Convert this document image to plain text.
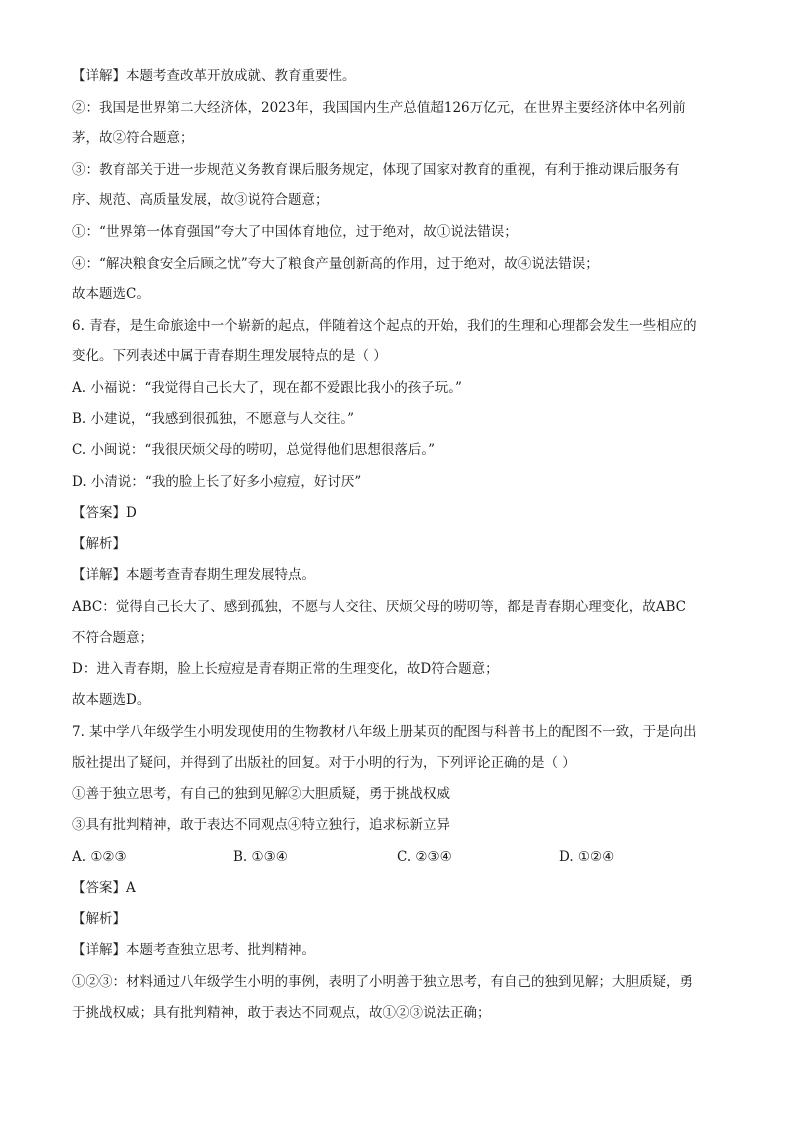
【详解】本题考查改革开放成就、教育重要性。
②：我国是世界第二大经济体，2023年，我国国内生产总值超126万亿元，在世界主要经济体中名列前
茅，故②符合题意；
③：教育部关于进一步规范义务教育课后服务规定，体现了国家对教育的重视，有利于推动课后服务有
序、规范、高质量发展，故③说符合题意；
①：“世界第一体育强国”夸大了中国体育地位，过于绝对，故①说法错误；
④：“解决粮食安全后顾之忧”夸大了粮食产量创新高的作用，过于绝对，故④说法错误；
故本题选C。
6. 青春，是生命旅途中一个崭新的起点，伴随着这个起点的开始，我们的生理和心理都会发生一些相应的
变化。下列表述中属于青春期生理发展特点的是（ ）
A. 小福说：“我觉得自己长大了，现在都不爱跟比我小的孩子玩。”
B. 小建说，“我感到很孤独，不愿意与人交往。”
C. 小闽说：“我很厌烦父母的唠叨，总觉得他们思想很落后。”
D. 小清说：“我的脸上长了好多小痘痘，好讨厌”
【答案】D
【解析】
【详解】本题考查青春期生理发展特点。
ABC：觉得自己长大了、感到孤独，不愿与人交往、厌烦父母的唠叨等，都是青春期心理变化，故ABC
不符合题意；
D：进入青春期，脸上长痘痘是青春期正常的生理变化，故D符合题意；
故本题选D。
7. 某中学八年级学生小明发现使用的生物教材八年级上册某页的配图与科普书上的配图不一致，于是向出
版社提出了疑问，并得到了出版社的回复。对于小明的行为，下列评论正确的是（ ）
①善于独立思考，有自己的独到见解②大胆质疑，勇于挑战权威
③具有批判精神，敢于表达不同观点④特立独行，追求标新立异
A. ①②③	B. ①③④	C. ②③④	D. ①②④
【答案】A
【解析】
【详解】本题考查独立思考、批判精神。
①②③：材料通过八年级学生小明的事例，表明了小明善于独立思考，有自己的独到见解；大胆质疑，勇
于挑战权威；具有批判精神，敢于表达不同观点，故①②③说法正确；
